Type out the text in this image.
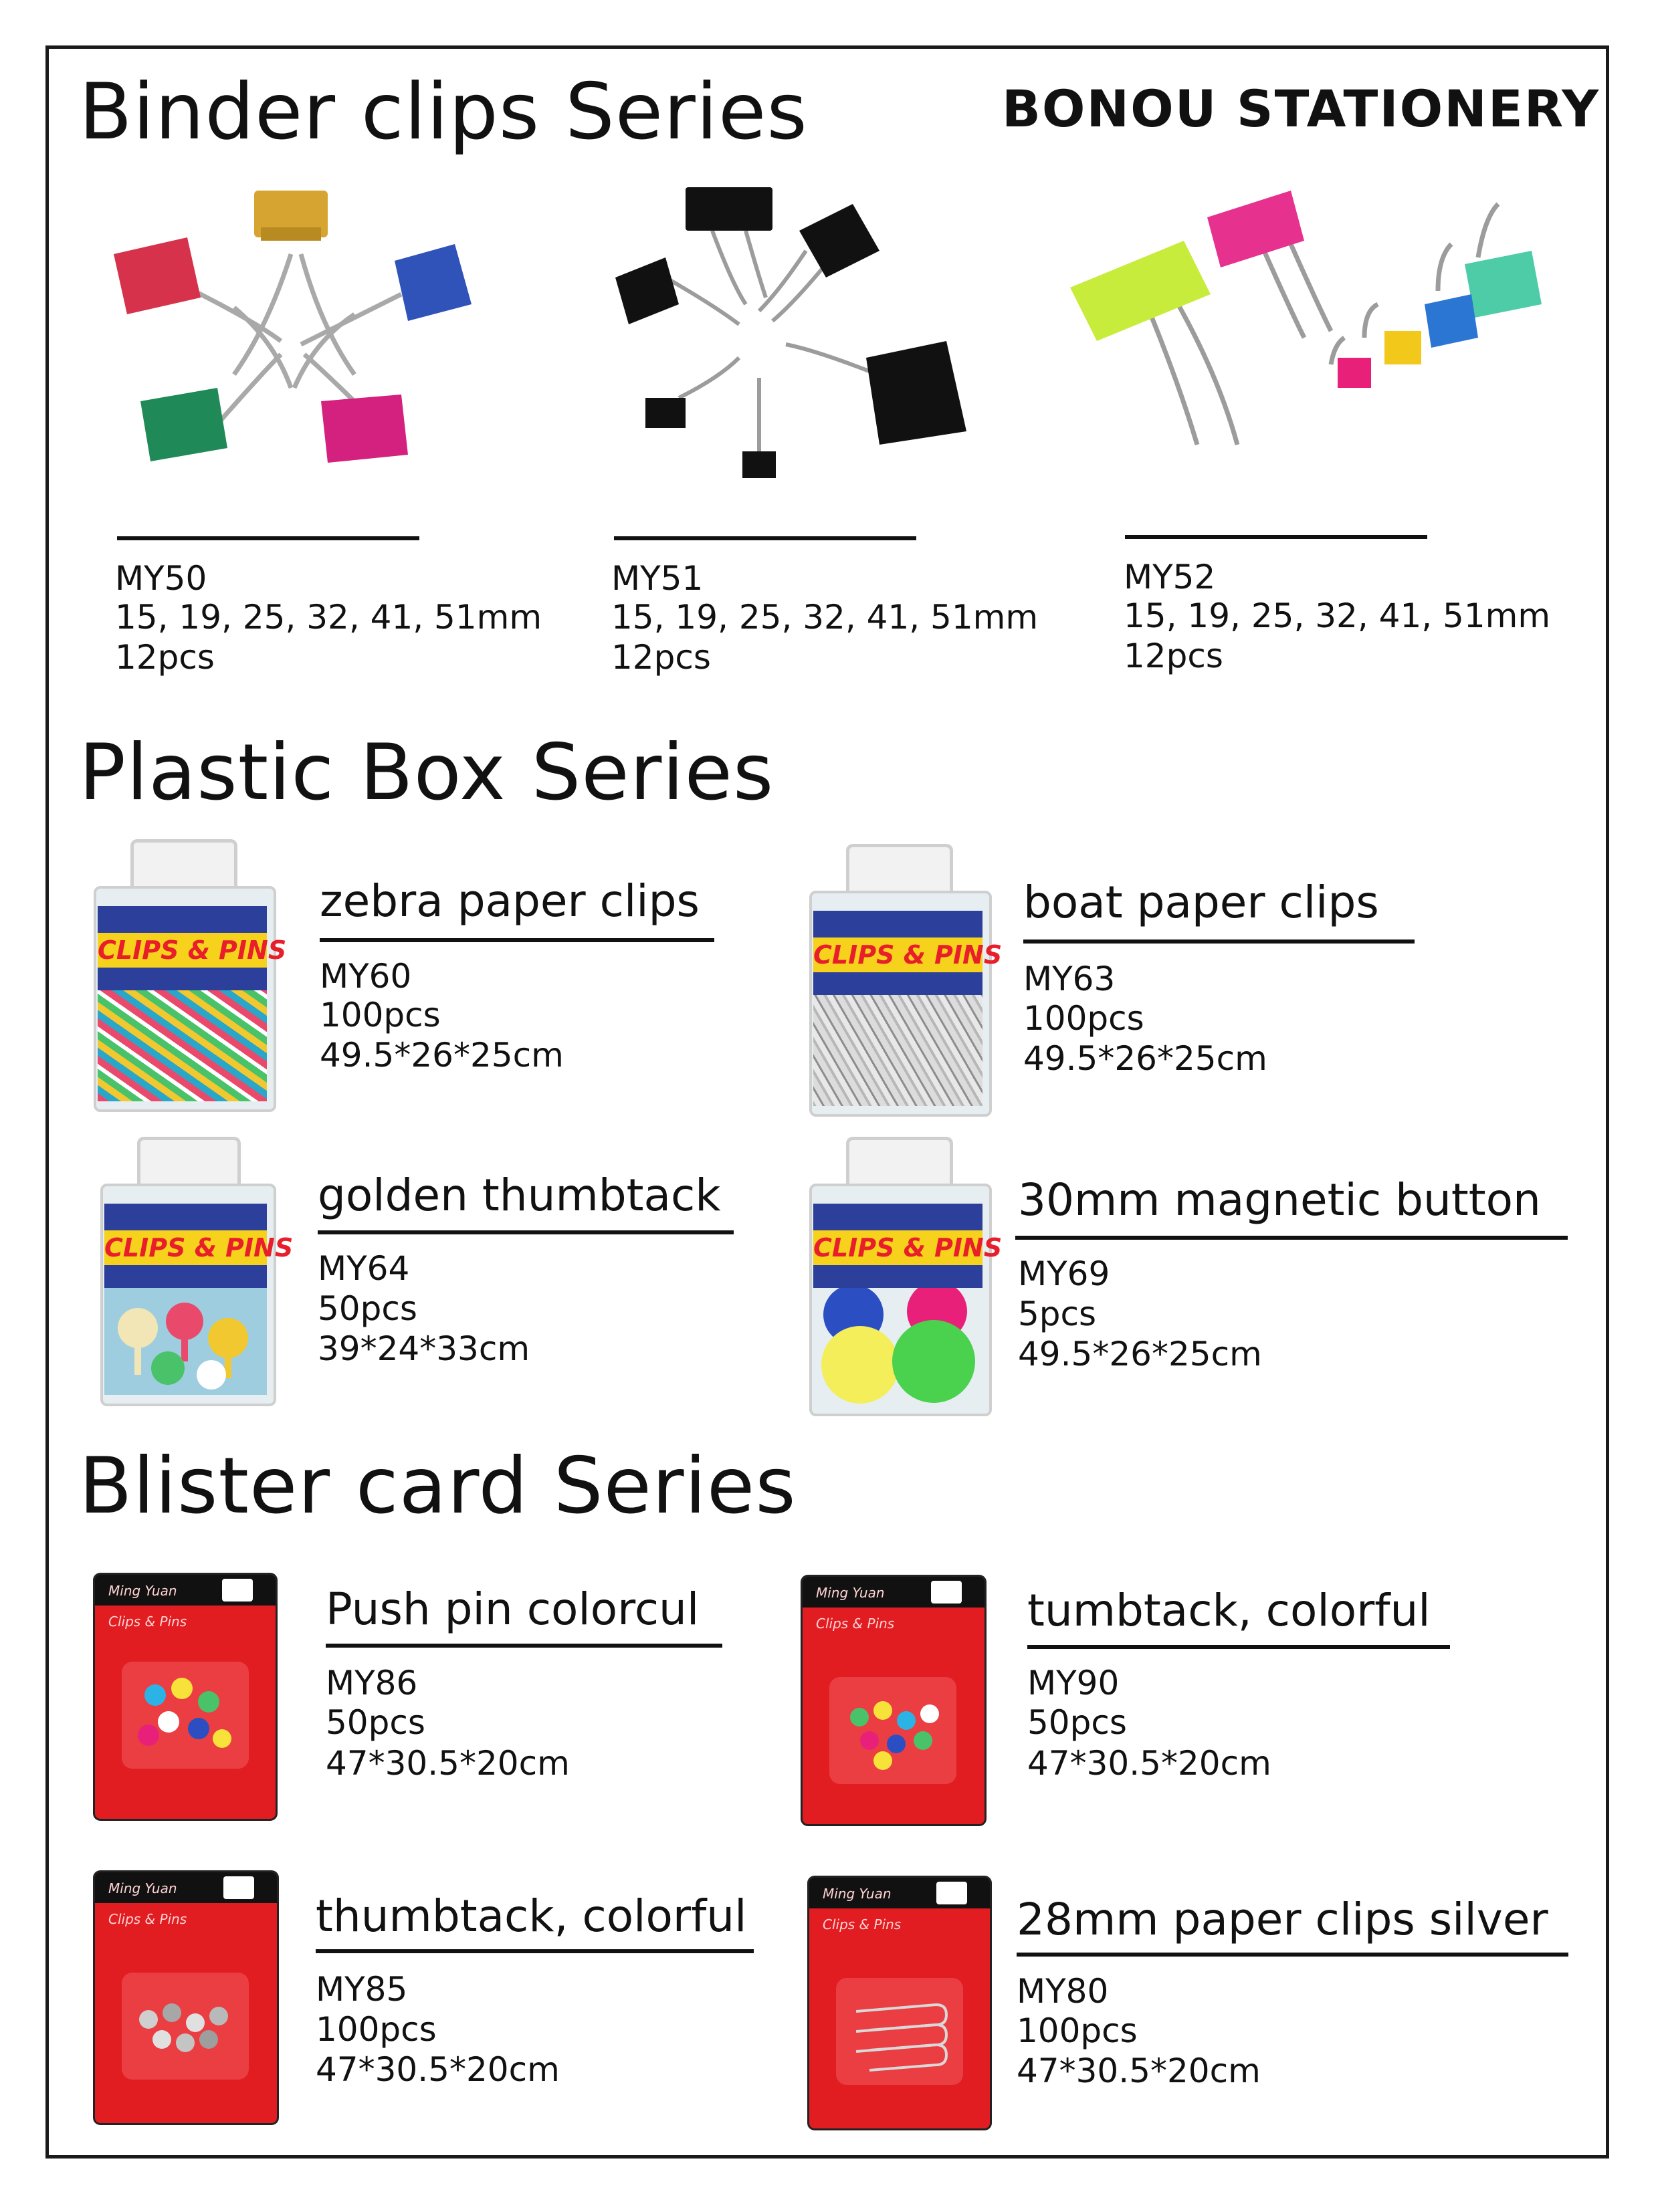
Binder clips Series	BONOU STATIONERY
MY50
15, 19, 25, 32, 41, 51mm
12pcs
MY51
15, 19, 25, 32, 41, 51mm
12pcs
MY52
15, 19, 25, 32, 41, 51mm
12pcs
Plastic Box Series
CLIPS & PINS	CLIPS & PINS
CLIPS & PINS	CLIPS & PINS
zebra paper clips
MY60
100pcs
49.5*26*25cm
boat paper clips
MY63
100pcs
49.5*26*25cm
golden thumbtack
MY64
50pcs
39*24*33cm
30mm magnetic button
MY69
5pcs
49.5*26*25cm
Blister card Series
Ming Yuan
Clips & Pins
Ming Yuan
Clips & Pins
Ming Yuan
Clips & Pins
Ming Yuan
Clips & Pins
Push pin colorcul
MY86
50pcs
47*30.5*20cm
tumbtack, colorful
MY90
50pcs
47*30.5*20cm
thumbtack, colorful
MY85
100pcs
47*30.5*20cm
28mm paper clips silver
MY80
100pcs
47*30.5*20cm
